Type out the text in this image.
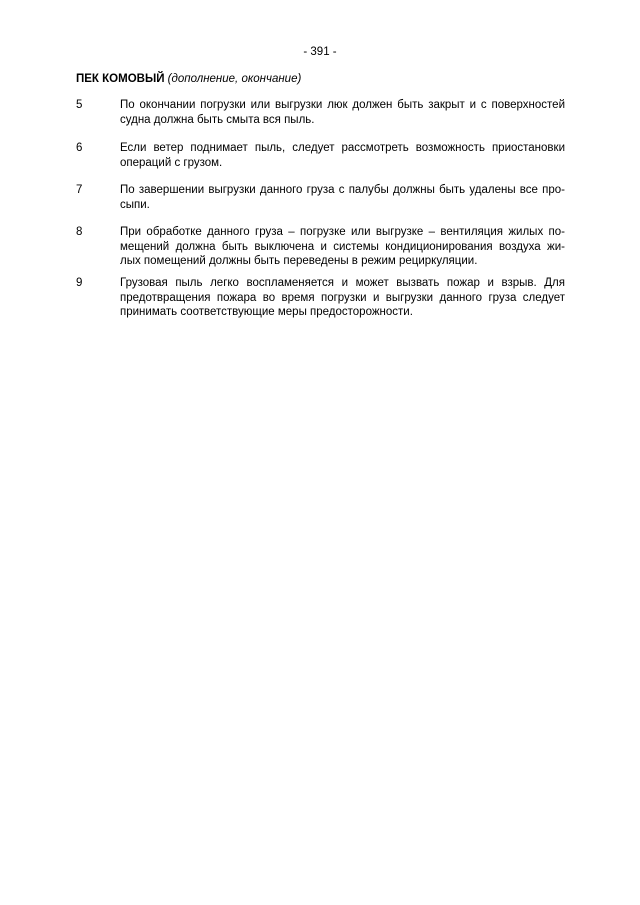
- 391 -
ПЕК КОМОВЫЙ (дополнение, окончание)
5	По окончании погрузки или выгрузки люк должен быть закрыт и с поверхностей
судна должна быть смыта вся пыль.
6	Если ветер поднимает пыль, следует рассмотреть возможность приостановки
операций с грузом.
7	По завершении выгрузки данного груза с палубы должны быть удалены все про-
сыпи.
8	При обработке данного груза – погрузке или выгрузке – вентиляция жилых по-
мещений должна быть выключена и системы кондиционирования воздуха жи-
лых помещений должны быть переведены в режим рециркуляции.
9	Грузовая пыль легко воспламеняется и может вызвать пожар и взрыв. Для
предотвращения пожара во время погрузки и выгрузки данного груза следует
принимать соответствующие меры предосторожности.
